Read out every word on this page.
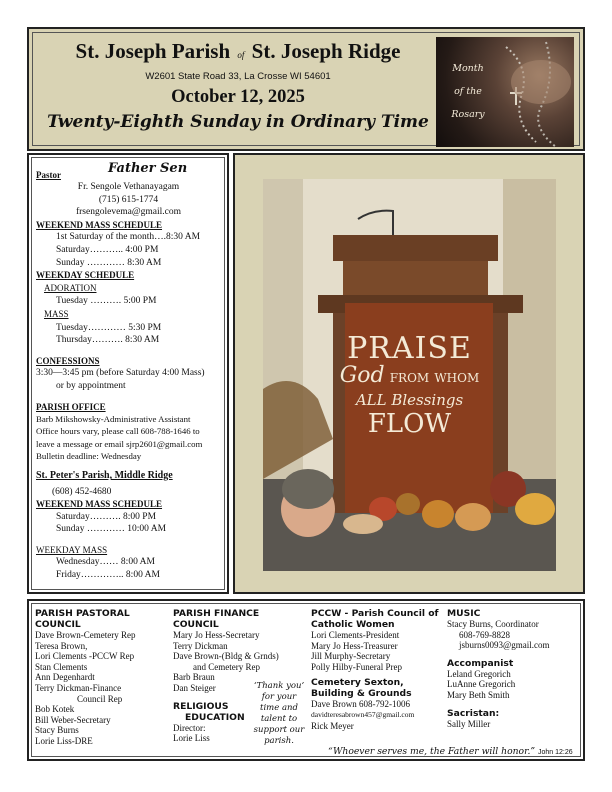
St. Joseph Parish of St. Joseph Ridge
W2601 State Road 33, La Crosse WI 54601
October 12, 2025
Twenty-Eighth Sunday in Ordinary Time
Month
of the
Rosary
Pastor	Father Sen
Fr. Sengole Vethanayagam
(715) 615-1774
frsengolevema@gmail.com
WEEKEND MASS SCHEDULE
1st Saturday of the month….8:30 AM
Saturday……….. 4:00 PM
Sunday ………… 8:30 AM
WEEKDAY SCHEDULE
ADORATION
Tuesday ………. 5:00 PM
MASS
Tuesday………… 5:30 PM
Thursday………. 8:30 AM
CONFESSIONS
3:30—3:45 pm (before Saturday 4:00 Mass)
or by appointment
PARISH OFFICE
Barb Mikshowsky-Administrative Assistant
Office hours vary, please call 608-788-1646 to
leave a message or email sjrp2601@gmail.com
Bulletin deadline: Wednesday
St. Peter's Parish, Middle Ridge
(608) 452-4680
WEEKEND MASS SCHEDULE
Saturday………. 8:00 PM
Sunday ………… 10:00 AM
WEEKDAY MASS
Wednesday…… 8:00 AM
Friday………….. 8:00 AM
PRAISE
God FROM WHOM
ALL Blessings
FLOW
PARISH PASTORAL
COUNCIL
Dave Brown-Cemetery Rep
Teresa Brown,
Lori Clements -PCCW Rep
Stan Clements
Ann Degenhardt
Terry Dickman-Finance
Council Rep
Bob Kotek
Bill Weber-Secretary
Stacy Burns
Lorie Liss-DRE
PARISH FINANCE
COUNCIL
Mary Jo Hess-Secretary
Terry Dickman
Dave Brown-(Bldg & Grnds)
and Cemetery Rep
Barb Braun
Dan Steiger
RELIGIOUS
EDUCATION
Director:
Lorie Liss
‘Thank you’
for your
time and
talent to
support our
parish.
PCCW - Parish Council of
Catholic Women
Lori Clements-President
Mary Jo Hess-Treasurer
Jill Murphy-Secretary
Polly Hilby-Funeral Prep
Cemetery Sexton,
Building & Grounds
Dave Brown 608-792-1006
davidteresabrown457@gmail.com
Rick Meyer
MUSIC
Stacy Burns, Coordinator
608-769-8828
jsburns0093@gmail.com
Accompanist
Leland Gregorich
LuAnne Gregorich
Mary Beth Smith
Sacristan:
Sally Miller
“Whoever serves me, the Father will honor.” John 12:26
